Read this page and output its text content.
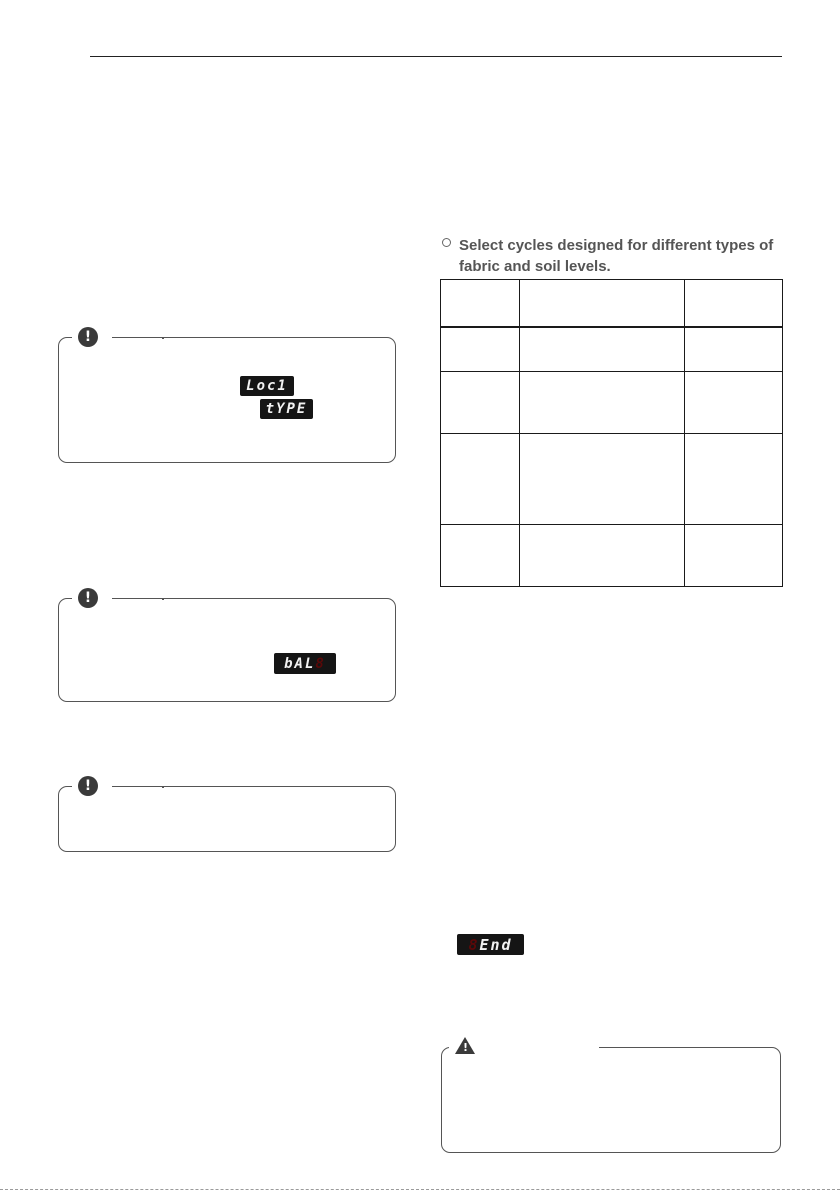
!
Loc1
tYPE
!
bAL 8
!
Select cycles designed for different types of
fabric and soil levels.

8 End
!
